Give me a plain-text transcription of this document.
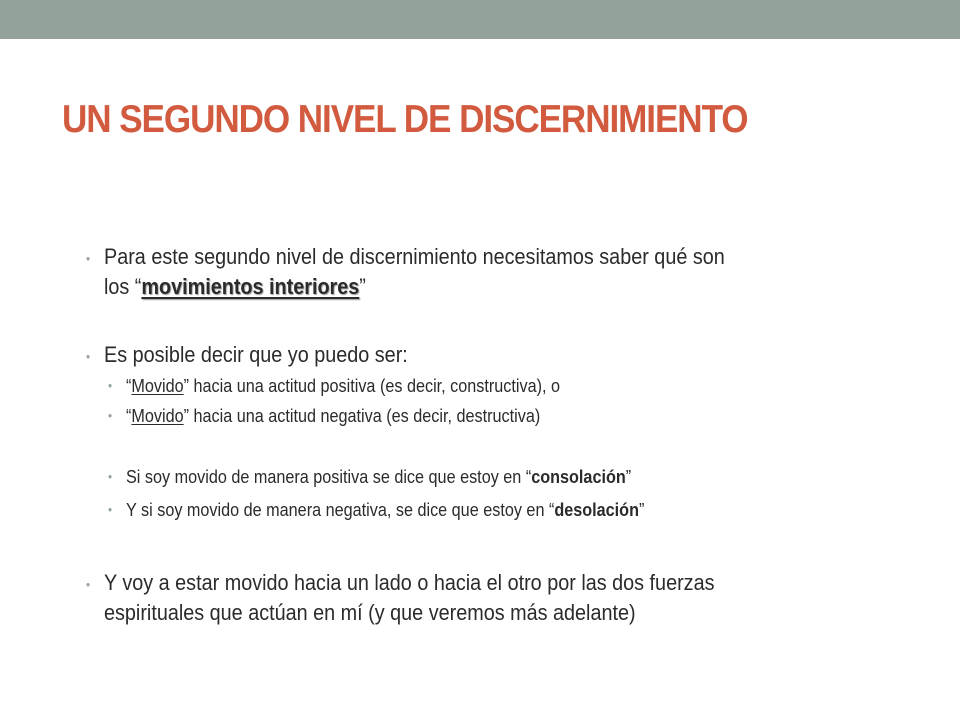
UN SEGUNDO NIVEL DE DISCERNIMIENTO
• Para este segundo nivel de discernimiento necesitamos saber qué son
los “movimientos interiores”
• Es posible decir que yo puedo ser:
• “Movido” hacia una actitud positiva (es decir, constructiva), o
• “Movido” hacia una actitud negativa (es decir, destructiva)
• Si soy movido de manera positiva se dice que estoy en “consolación”
• Y si soy movido de manera negativa, se dice que estoy en “desolación”
• Y voy a estar movido hacia un lado o hacia el otro por las dos fuerzas
espirituales que actúan en mí (y que veremos más adelante)
